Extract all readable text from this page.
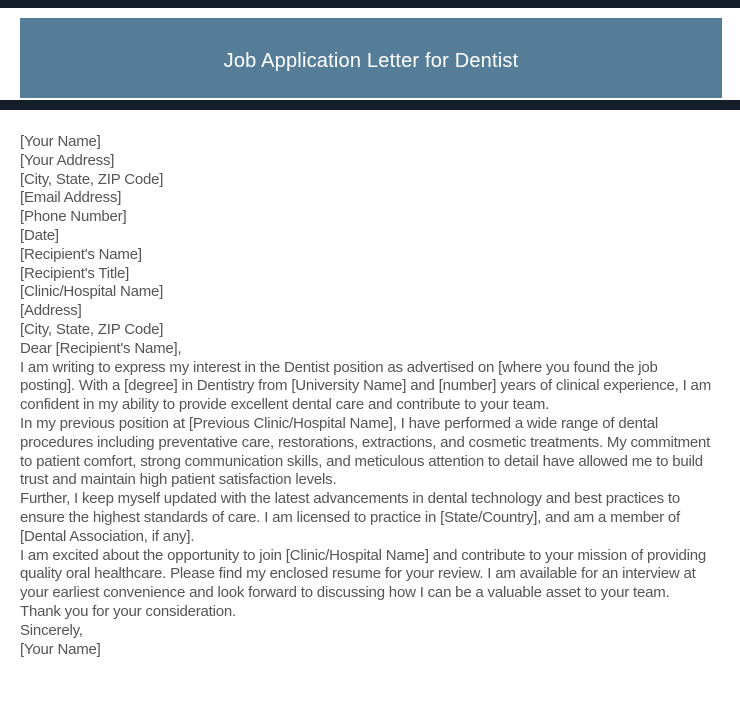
Job Application Letter for Dentist
[Your Name]
[Your Address]
[City, State, ZIP Code]
[Email Address]
[Phone Number]
[Date]
[Recipient's Name]
[Recipient's Title]
[Clinic/Hospital Name]
[Address]
[City, State, ZIP Code]
Dear [Recipient's Name],

I am writing to express my interest in the Dentist position as advertised on [where you found the job posting]. With a [degree] in Dentistry from [University Name] and [number] years of clinical experience, I am confident in my ability to provide excellent dental care and contribute to your team.

In my previous position at [Previous Clinic/Hospital Name], I have performed a wide range of dental procedures including preventative care, restorations, extractions, and cosmetic treatments. My commitment to patient comfort, strong communication skills, and meticulous attention to detail have allowed me to build trust and maintain high patient satisfaction levels.

Further, I keep myself updated with the latest advancements in dental technology and best practices to ensure the highest standards of care. I am licensed to practice in [State/Country], and am a member of [Dental Association, if any].

I am excited about the opportunity to join [Clinic/Hospital Name] and contribute to your mission of providing quality oral healthcare. Please find my enclosed resume for your review. I am available for an interview at your earliest convenience and look forward to discussing how I can be a valuable asset to your team.

Thank you for your consideration.
Sincerely,
[Your Name]
